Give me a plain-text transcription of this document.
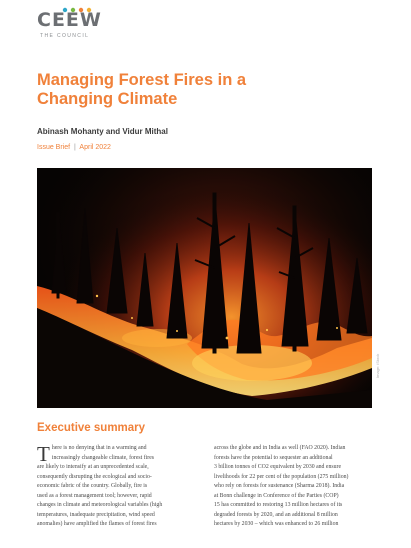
CEEW
THE COUNCIL
Managing Forest Fires in a
Changing Climate
Abinash Mohanty and Vidur Mithal
Issue Brief | April 2022
Image: iStock
Executive summary

T here is no denying that in a warming and
increasingly changeable climate, forest fires
are likely to intensify at an unprecedented scale,
consequently disrupting the ecological and socio-
economic fabric of the country. Globally, fire is
used as a forest management tool; however, rapid
changes in climate and meteorological variables (high
temperatures, inadequate precipitation, wind speed
anomalies) have amplified the flames of forest fires

across the globe and in India as well (FAO 2020). Indian
forests have the potential to sequester an additional
3 billion tonnes of CO2 equivalent by 2030 and ensure
livelihoods for 22 per cent of the population (275 million)
who rely on forests for sustenance (Sharma 2018). India
at Bonn challenge in Conference of the Parties (COP)
15 has committed to restoring 13 million hectares of its
degraded forests by 2020, and an additional 8 million
hectares by 2030 – which was enhanced to 26 million
